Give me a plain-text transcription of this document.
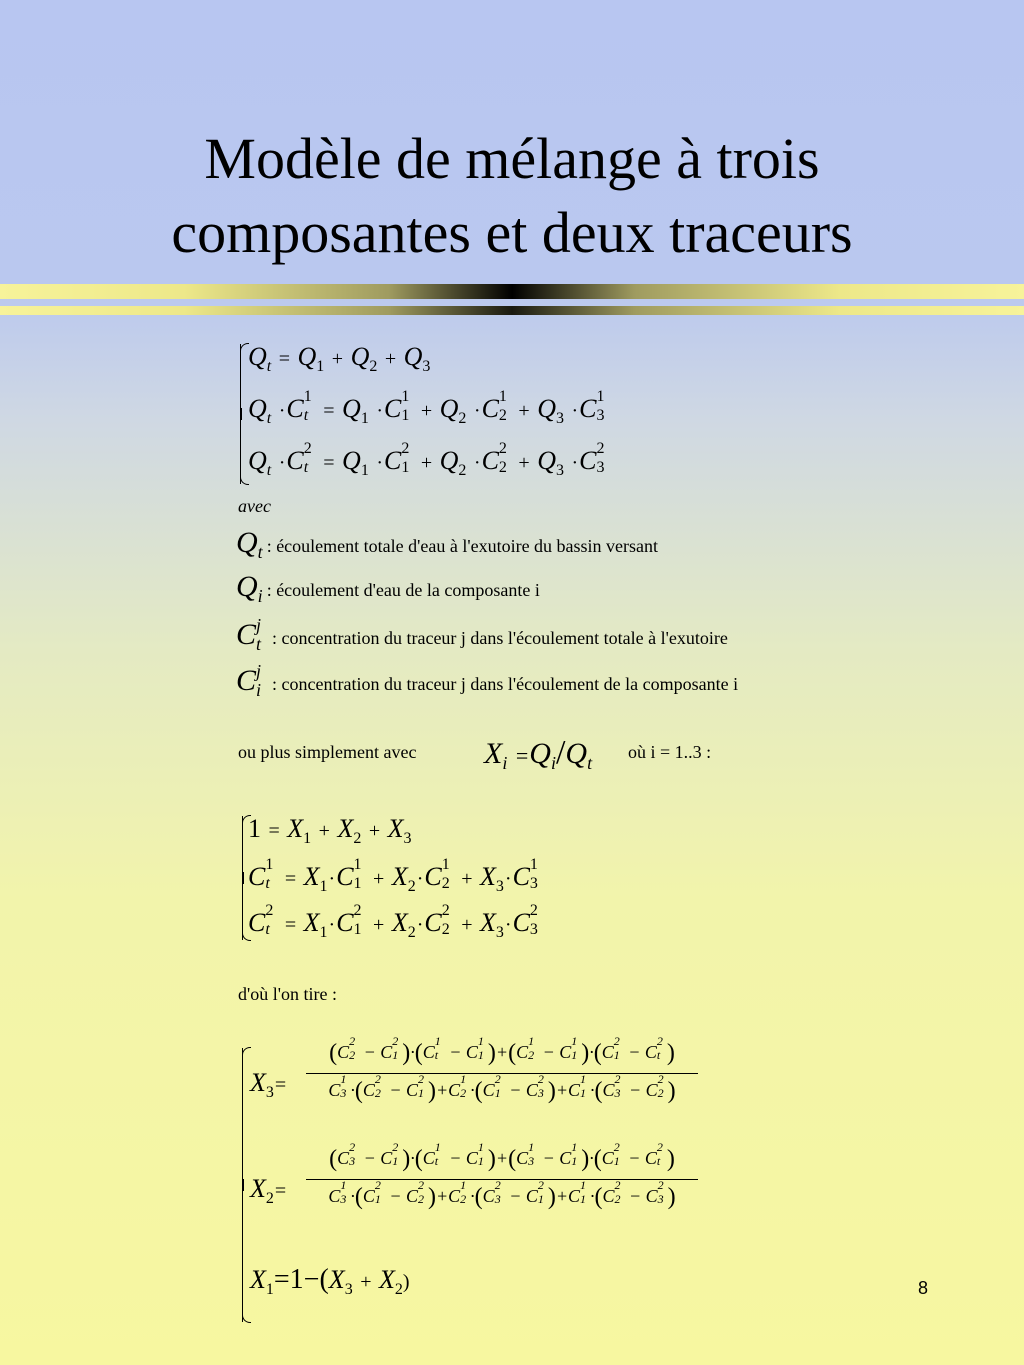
Modèle de mélange à trois
composantes et deux traceurs
$Q_t = Q_1 + Q_2 + Q_3$
$Q_t \cdot C$ 1
$t = Q_1 \cdot C$ 1
$1 + Q_2 \cdot C$ 1
$2 + Q_3 \cdot C$ 1
3
$Q_t \cdot C$ 2
$t = Q_1 \cdot C$ 2
$1 + Q_2 \cdot C$ 2
$2 + Q_3 \cdot C$ 2
3
avec
Qt : écoulement totale d'eau à l'exutoire du bassin versant
Qi : écoulement d'eau de la composante i
C j
t : concentration du traceur j dans l'écoulement totale à l'exutoire
C j
i : concentration du traceur j dans l'écoulement de la composante i
ou plus simplement avec $X_i =Q_i/Q_t$
où i = 1..3 :
$1 = X_1 + X_2 + X_3$
C 1
$t = X_1\cdot C$ 1
$1 + X_2\cdot C$ 1
$2 + X_3\cdot C$ 1
3
C 2
$t = X_1\cdot C$ 2
$1 + X_2\cdot C$ 2
$2 + X_3\cdot C$ 2
3
d'où l'on tire :
$X_3=$
(C
2
2 − C
2
1 )·(C
1
t − C
1
1 )+(C
1
2 − C
1
1 )·(C
2
1 − C
2
t )
C
1
3 ·(C
2
2 − C
2
1 )+C
1
2 ·(C
2
1 − C
2
3 )+C
1
1 ·(C
2
3 − C
2
2 )
$X_2=$
(C
2
3 − C
2
1 )·(C
1
t − C
1
1 )+(C
1
3 − C
1
1 )·(C
2
1 − C
2
t )
C
1
3 ·(C
2
1 − C
2
2 )+C
1
2 ·(C
2
3 − C
2
1 )+C
1
1 ·(C
2
2 − C
2
3 )
$X_1=1-(X_3 + X_2)$	8
